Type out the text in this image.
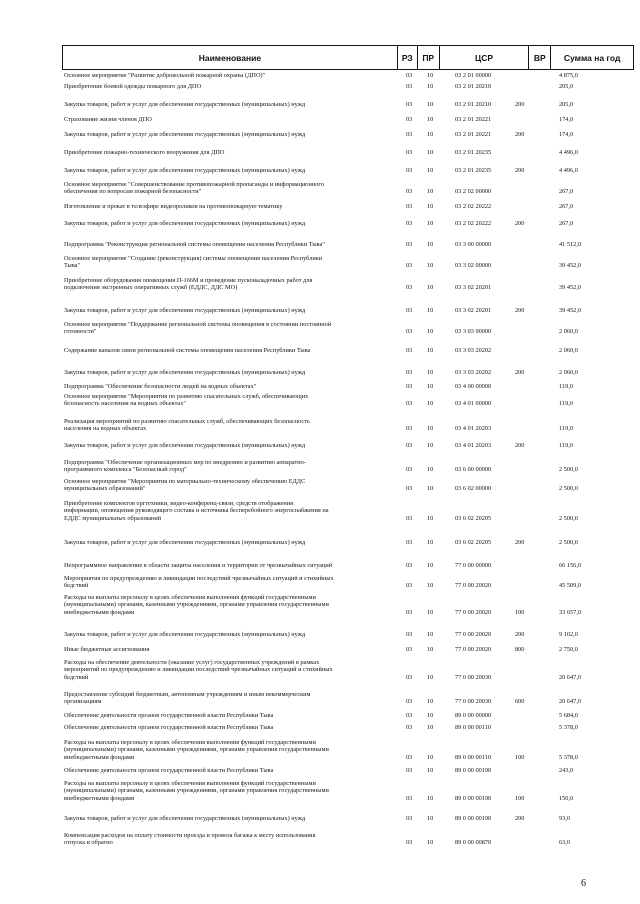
Наименование	РЗ	ПР	ЦСР	ВР	Сумма на год
Основное мероприятие "Развитие добровольной пожарной охраны (ДПО)"	03 10	03 2 01 00000	4 875,0
Приобретение боевой одежды пожарного для ДПО	03 10	03 2 01 20210	205,0
Закупка товаров, работ и услуг для обеспечения государственных (муниципальных) нужд	03 10	03 2 01 20210	200	205,0
Страхование жизни членов ДПО	03 10	03 2 01 20221	174,0
Закупка товаров, работ и услуг для обеспечения государственных (муниципальных) нужд	03 10	03 2 01 20221	200	174,0
Приобретение пожарно-технического вооружения для ДПО	03 10	03 2 01 20235	4 496,0
Закупка товаров, работ и услуг для обеспечения государственных (муниципальных) нужд	03 10	03 2 01 20235	200	4 496,0
Основное мероприятие "Совершенствование противопожарной пропаганды и информационного
обеспечения по вопросам пожарной безопасности"	03 10	03 2 02 00000	267,0
Изготовление и прокат в телеэфире видеороликов на противопожарную тематику	03 10	03 2 02 20222	267,0
Закупка товаров, работ и услуг для обеспечения государственных (муниципальных) нужд	03 10	03 2 02 20222	200	267,0
Подпрограмма "Реконструкция региональной системы оповещения населения Республики Тыва"	03 10	03 3 00 00000	41 512,0
Основное мероприятие "Создание (реконструкция) системы оповещения населения Республики
Тыва"	03 10	03 3 02 00000	39 452,0
Приобретение оборудования оповещения П-166М и проведение пусконаладочных работ для
подключения экстренных оперативных служб (ЕДДС, ДДС МО)	03 10	03 3 02 20201	39 452,0
Закупка товаров, работ и услуг для обеспечения государственных (муниципальных) нужд	03 10	03 3 02 20201	200	39 452,0
Основное мероприятие "Поддержание региональной системы оповещения в состоянии постоянной
готовности"	03 10	03 3 03 00000	2 060,0
Содержание каналов связи региональной системы оповещения населения Республики Тыва	03 10	03 3 03 20202	2 060,0
Закупка товаров, работ и услуг для обеспечения государственных (муниципальных) нужд	03 10	03 3 03 20202	200	2 060,0
Подпрограмма "Обеспечение безопасности людей на водных объектах"	03 10	03 4 00 00000	119,0
Основное мероприятие "Мероприятия по развитию спасательных служб, обеспечивающих
безопасность населения на водных объектах"	03 10	03 4 01 00000	119,0
Реализация мероприятий по развитию спасательных служб, обеспечивающих безопасность
населения на водных объектах	03 10	03 4 01 20203	119,0
Закупка товаров, работ и услуг для обеспечения государственных (муниципальных) нужд	03 10	03 4 01 20203	200	119,0
Подпрограмма "Обеспечение организационных мер по внедрению и развитию аппаратно-
программного комплекса "Безопасный город"	03 10	03 6 00 00000	2 500,0
Основное мероприятие "Мероприятия по материально-техническому обеспечению ЕДДС
муниципальных образований"	03 10	03 6 02 00000	2 500,0
Приобретение комплектов оргтехники, видео-конференц-связи, средств отображения
информации, оповещения руководящего состава и источника бесперебойного энергоснабжения на
ЕДДС муниципальных образований	03 10	03 6 02 20205	2 500,0
Закупка товаров, работ и услуг для обеспечения государственных (муниципальных) нужд	03 10	03 6 02 20205	200	2 500,0
Непрограммное направление в области защиты населения и территории от чрезвычайных ситуаций	03 10	77 0 00 00000	66 156,0
Мероприятия по предупреждению и ликвидации последствий чрезвычайных ситуаций и стихийных
бедствий	03 10	77 0 00 20020	45 509,0
Расходы на выплаты персоналу в целях обеспечения выполнения функций государственными
(муниципальными) органами, казенными учреждениями, органами управления государственными
внебюджетными фондами	03 10	77 0 00 20020	100	33 657,0
Закупка товаров, работ и услуг для обеспечения государственных (муниципальных) нужд	03 10	77 0 00 20020	200	9 102,0
Иные бюджетные ассигнования	03 10	77 0 00 20020	800	2 750,0
Расходы на обеспечение деятельности (оказание услуг) государственных учреждений в рамках
мероприятий по предупреждению и ликвидации последствий чрезвычайных ситуаций и стихийных
бедствий	03 10	77 0 00 20030	20 647,0
Предоставление субсидий бюджетным, автономным учреждениям и иным некоммерческим
организациям	03 10	77 0 00 20030	600	20 647,0
Обеспечение деятельности органов государственной власти Республики Тыва	03 10	89 0 00 00000	5 684,0
Обеспечение деятельности органов государственной власти Республики Тыва	03 10	89 0 00 00110	5 378,0
Расходы на выплаты персоналу в целях обеспечения выполнения функций государственными
(муниципальными) органами, казенными учреждениями, органами управления государственными
внебюджетными фондами	03 10	89 0 00 00110	100	5 378,0
Обеспечение деятельности органов государственной власти Республики Тыва	03 10	89 0 00 00190	243,0
Расходы на выплаты персоналу в целях обеспечения выполнения функций государственными
(муниципальными) органами, казенными учреждениями, органами управления государственными
внебюджетными фондами	03 10	89 0 00 00190	100	150,0
Закупка товаров, работ и услуг для обеспечения государственных (муниципальных) нужд	03 10	89 0 00 00190	200	93,0
Компенсация расходов на оплату стоимости проезда и провоза багажа к месту использования
отпуска и обратно	03 10	89 0 00 00870	63,0
6
